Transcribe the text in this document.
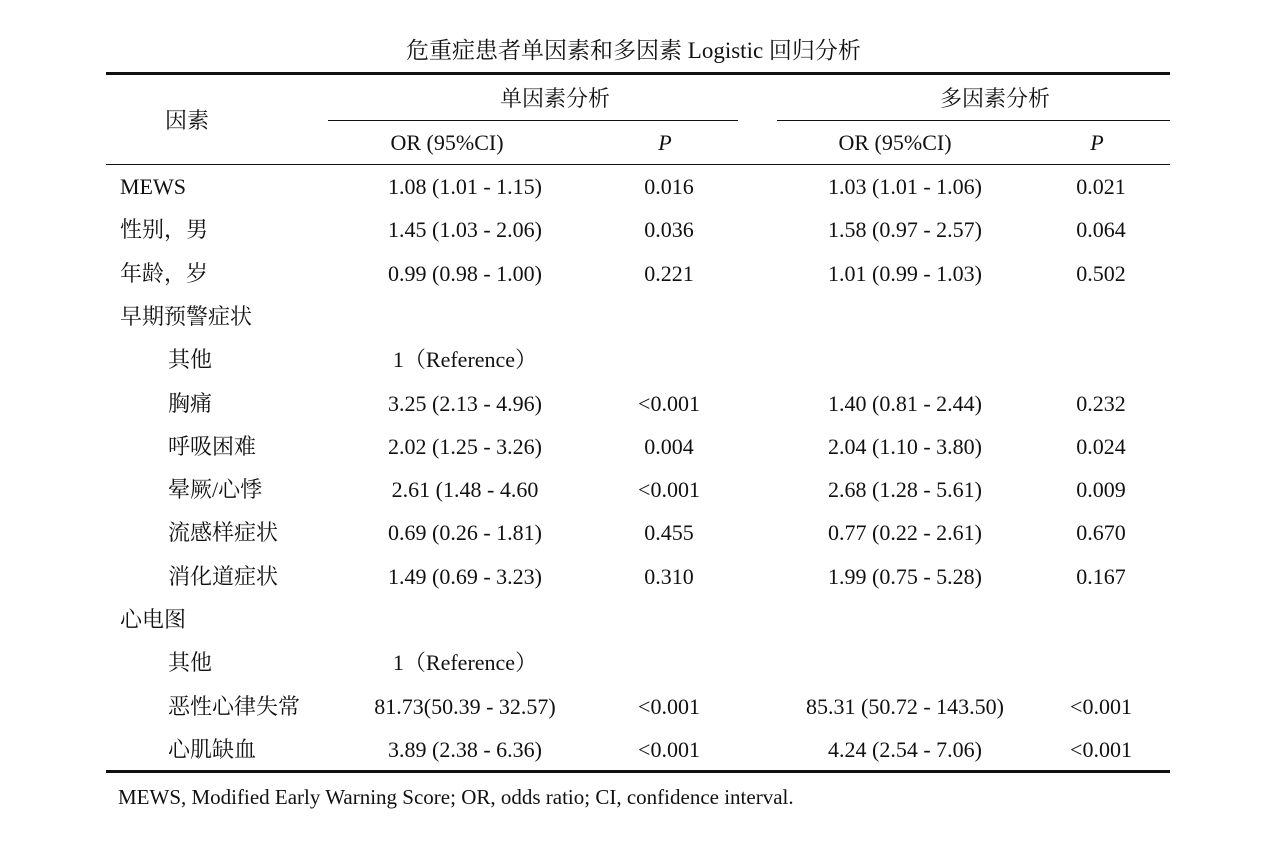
危重症患者单因素和多因素 Logistic 回归分析
因素
单因素分析	多因素分析
OR (95%CI)	P	OR (95%CI)	P
MEWS	1.08 (1.01 - 1.15)	0.016	1.03 (1.01 - 1.06)	0.021
性别，男	1.45 (1.03 - 2.06)	0.036	1.58 (0.97 - 2.57)	0.064
年龄，岁	0.99 (0.98 - 1.00)	0.221	1.01 (0.99 - 1.03)	0.502
早期预警症状
其他	1（Reference）
胸痛	3.25 (2.13 - 4.96)	<0.001	1.40 (0.81 - 2.44)	0.232
呼吸困难	2.02 (1.25 - 3.26)	0.004	2.04 (1.10 - 3.80)	0.024
晕厥/心悸	2.61 (1.48 - 4.60	<0.001	2.68 (1.28 - 5.61)	0.009
流感样症状	0.69 (0.26 - 1.81)	0.455	0.77 (0.22 - 2.61)	0.670
消化道症状	1.49 (0.69 - 3.23)	0.310	1.99 (0.75 - 5.28)	0.167
心电图
其他	1（Reference）
恶性心律失常	81.73(50.39 - 32.57)	<0.001	85.31 (50.72 - 143.50)	<0.001
心肌缺血	3.89 (2.38 - 6.36)	<0.001	4.24 (2.54 - 7.06)	<0.001
MEWS, Modified Early Warning Score; OR, odds ratio; CI, confidence interval.
